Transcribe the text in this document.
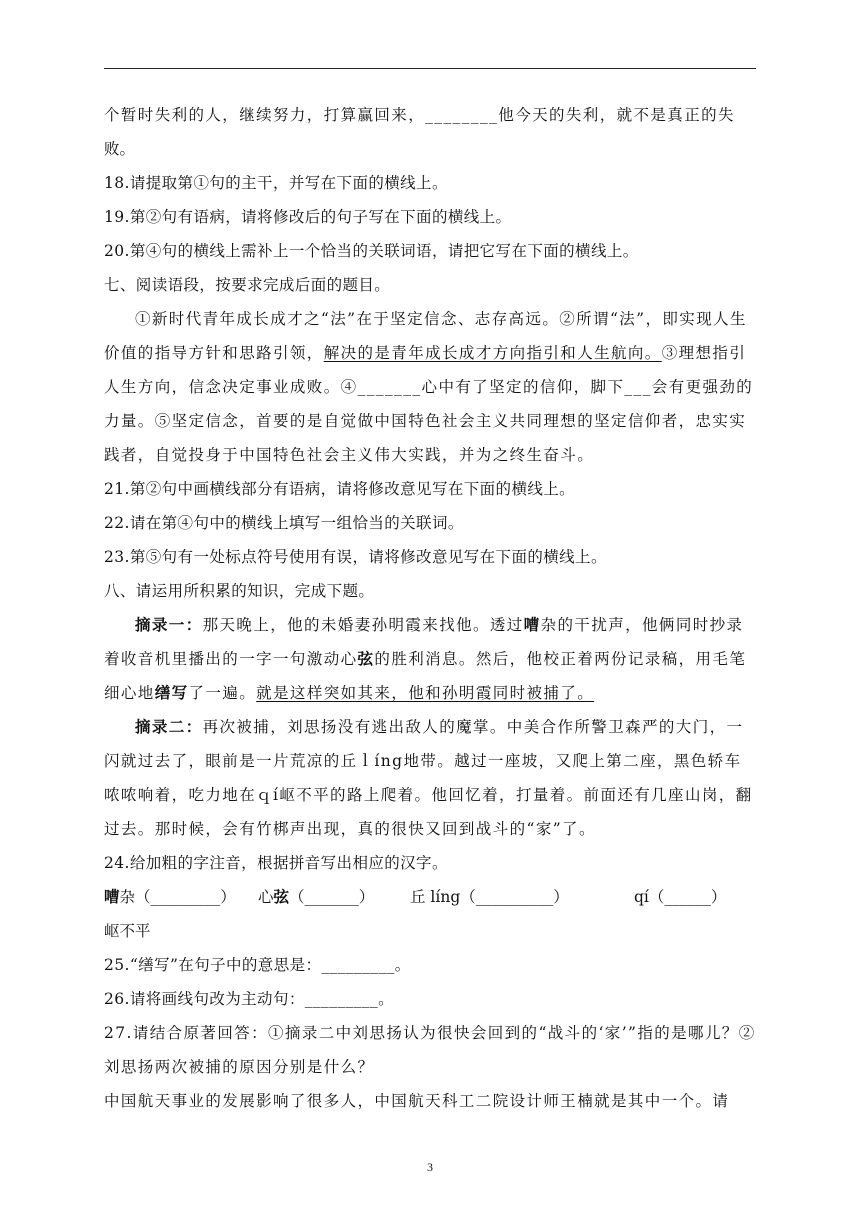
个暂时失利的人，继续努力，打算赢回来，________他今天的失利，就不是真正的失

败。

18.请提取第①句的主干，并写在下面的横线上。

19.第②句有语病，请将修改后的句子写在下面的横线上。

20.第④句的横线上需补上一个恰当的关联词语，请把它写在下面的横线上。

七、阅读语段，按要求完成后面的题目。

①新时代青年成长成才之“法”在于坚定信念、志存高远。②所谓“法”，即实现人生价值的指导方针和思路引领，解决的是青年成长成才方向指引和人生航向。③理想指引人生方向，信念决定事业成败。④_______心中有了坚定的信仰，脚下___会有更强劲的力量。⑤坚定信念，首要的是自觉做中国特色社会主义共同理想的坚定信仰者，忠实实践者，自觉投身于中国特色社会主义伟大实践，并为之终生奋斗。

21.第②句中画横线部分有语病，请将修改意见写在下面的横线上。

22.请在第④句中的横线上填写一组恰当的关联词。

23.第⑤句有一处标点符号使用有误，请将修改意见写在下面的横线上。

八、请运用所积累的知识，完成下题。

摘录一：那天晚上，他的未婚妻孙明霞来找他。透过嘈杂的干扰声，他俩同时抄录着收音机里播出的一字一句激动心弦的胜利消息。然后，他校正着两份记录稿，用毛笔细心地缮写了一遍。就是这样突如其来，他和孙明霞同时被捕了。

摘录二：再次被捕，刘思扬没有逃出敌人的魔掌。中美合作所警卫森严的大门，一闪就过去了，眼前是一片荒凉的丘ｌíng地带。越过一座坡，又爬上第二座，黑色轿车哝哝响着，吃力地在ｑí岖不平的路上爬着。他回忆着，打量着。前面还有几座山岗，翻过去。那时候，会有竹梆声出现，真的很快又回到战斗的“家”了。

24.给加粗的字注音，根据拼音写出相应的汉字。

嘈杂（_________）	心弦（_______）	丘 líng（__________）	qí（______）

岖不平

25.“缮写”在句子中的意思是：_________。

26.请将画线句改为主动句：_________。

27.请结合原著回答：①摘录二中刘思扬认为很快会回到的“战斗的‘家’”指的是哪儿？②刘思扬两次被捕的原因分别是什么？

中国航天事业的发展影响了很多人，中国航天科工二院设计师王楠就是其中一个。请

3
